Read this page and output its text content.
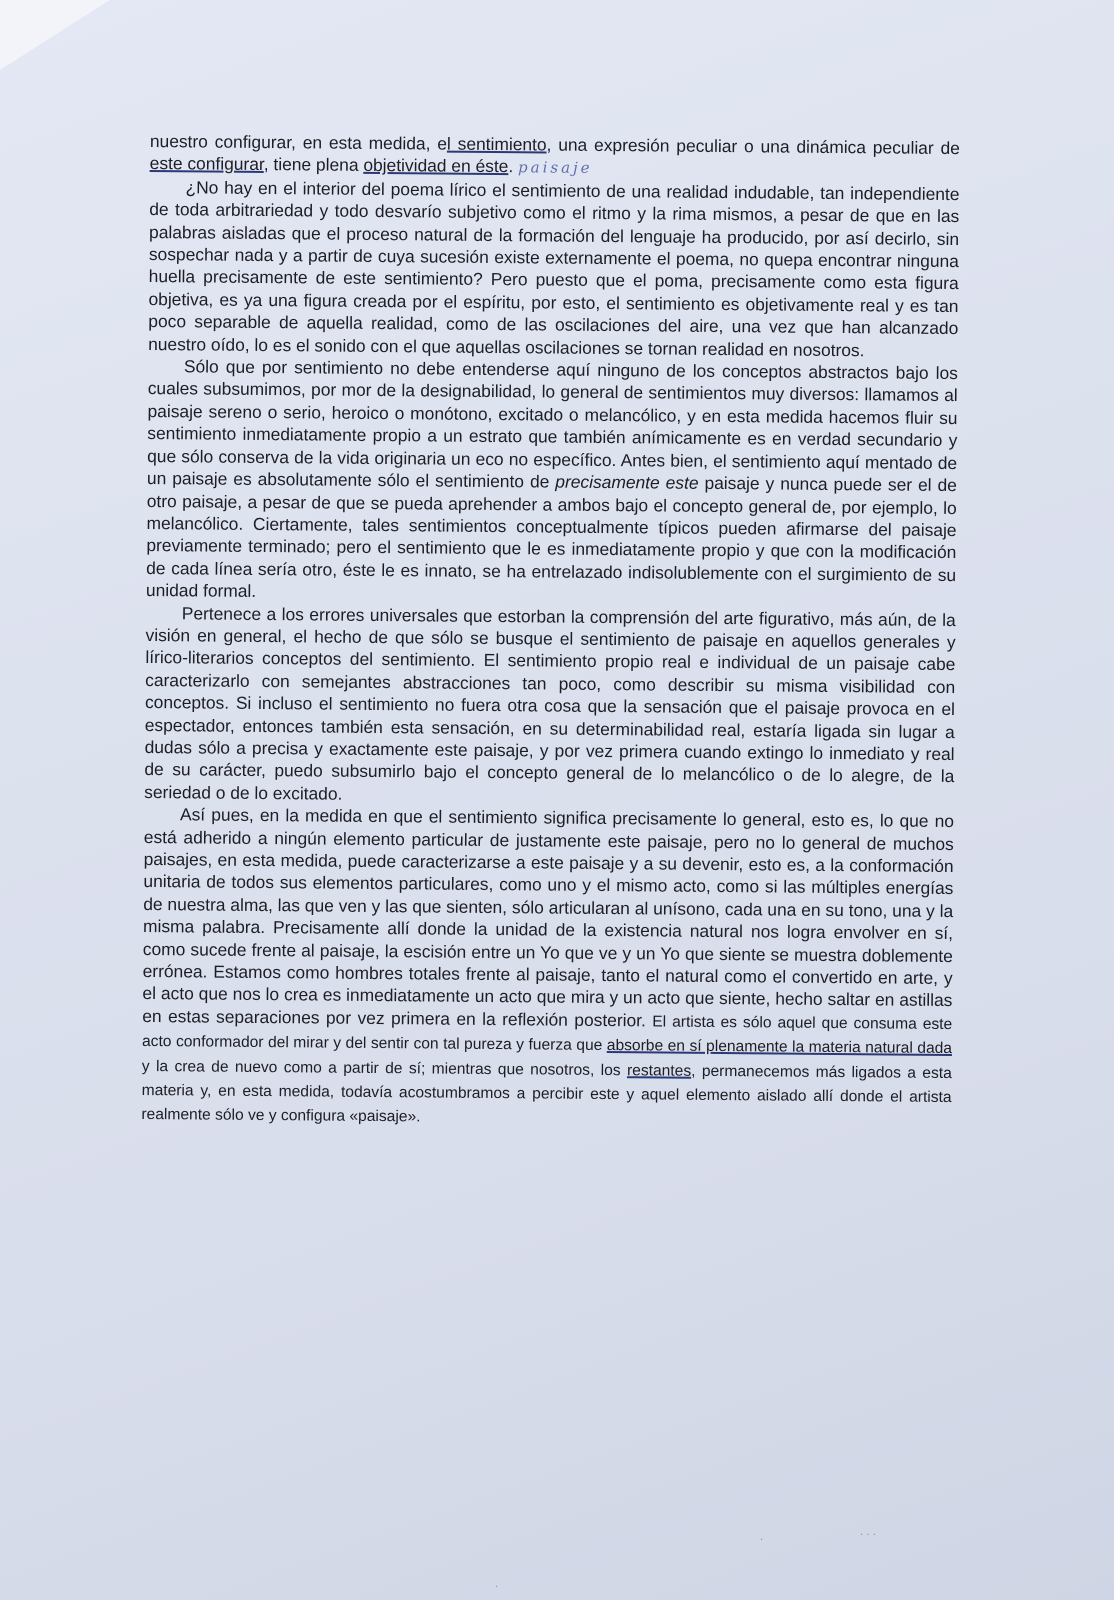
nuestro configurar, en esta medida, el sentimiento, una expresión peculiar o una dinámica peculiar de este configurar, tiene plena objetividad en éste. paisaje

¿No hay en el interior del poema lírico el sentimiento de una realidad indudable, tan independiente de toda arbitrariedad y todo desvarío subjetivo como el ritmo y la rima mismos, a pesar de que en las palabras aisladas que el proceso natural de la formación del lenguaje ha producido, por así decirlo, sin sospechar nada y a partir de cuya sucesión existe externamente el poema, no quepa encontrar ninguna huella precisamente de este sentimiento? Pero puesto que el poma, precisamente como esta figura objetiva, es ya una figura creada por el espíritu, por esto, el sentimiento es objetivamente real y es tan poco separable de aquella realidad, como de las oscilaciones del aire, una vez que han alcanzado nuestro oído, lo es el sonido con el que aquellas oscilaciones se tornan realidad en nosotros.

Sólo que por sentimiento no debe entenderse aquí ninguno de los conceptos abstractos bajo los cuales subsumimos, por mor de la designabilidad, lo general de sentimientos muy diversos: llamamos al paisaje sereno o serio, heroico o monótono, excitado o melancólico, y en esta medida hacemos fluir su sentimiento inmediatamente propio a un estrato que también anímicamente es en verdad secundario y que sólo conserva de la vida originaria un eco no específico. Antes bien, el sentimiento aquí mentado de un paisaje es absolutamente sólo el sentimiento de precisamente este paisaje y nunca puede ser el de otro paisaje, a pesar de que se pueda aprehender a ambos bajo el concepto general de, por ejemplo, lo melancólico. Ciertamente, tales sentimientos conceptualmente típicos pueden afirmarse del paisaje previamente terminado; pero el sentimiento que le es inmediatamente propio y que con la modificación de cada línea sería otro, éste le es innato, se ha entrelazado indisolublemente con el surgimiento de su unidad formal.

Pertenece a los errores universales que estorban la comprensión del arte figurativo, más aún, de la visión en general, el hecho de que sólo se busque el sentimiento de paisaje en aquellos generales y lírico-literarios conceptos del sentimiento. El sentimiento propio real e individual de un paisaje cabe caracterizarlo con semejantes abstracciones tan poco, como describir su misma visibilidad con conceptos. Si incluso el sentimiento no fuera otra cosa que la sensación que el paisaje provoca en el espectador, entonces también esta sensación, en su determinabilidad real, estaría ligada sin lugar a dudas sólo a precisa y exactamente este paisaje, y por vez primera cuando extingo lo inmediato y real de su carácter, puedo subsumirlo bajo el concepto general de lo melancólico o de lo alegre, de la seriedad o de lo excitado.

Así pues, en la medida en que el sentimiento significa precisamente lo general, esto es, lo que no está adherido a ningún elemento particular de justamente este paisaje, pero no lo general de muchos paisajes, en esta medida, puede caracterizarse a este paisaje y a su devenir, esto es, a la conformación unitaria de todos sus elementos particulares, como uno y el mismo acto, como si las múltiples energías de nuestra alma, las que ven y las que sienten, sólo articularan al unísono, cada una en su tono, una y la misma palabra. Precisamente allí donde la unidad de la existencia natural nos logra envolver en sí, como sucede frente al paisaje, la escisión entre un Yo que ve y un Yo que siente se muestra doblemente errónea. Estamos como hombres totales frente al paisaje, tanto el natural como el convertido en arte, y el acto que nos lo crea es inmediatamente un acto que mira y un acto que siente, hecho saltar en astillas en estas separaciones por vez primera en la reflexión posterior. El artista es sólo aquel que consuma este acto conformador del mirar y del sentir con tal pureza y fuerza que absorbe en sí plenamente la materia natural dada y la crea de nuevo como a partir de sí; mientras que nosotros, los restantes, permanecemos más ligados a esta materia y, en esta medida, todavía acostumbramos a percibir este y aquel elemento aislado allí donde el artista realmente sólo ve y configura «paisaje».

· · ·
·
·
